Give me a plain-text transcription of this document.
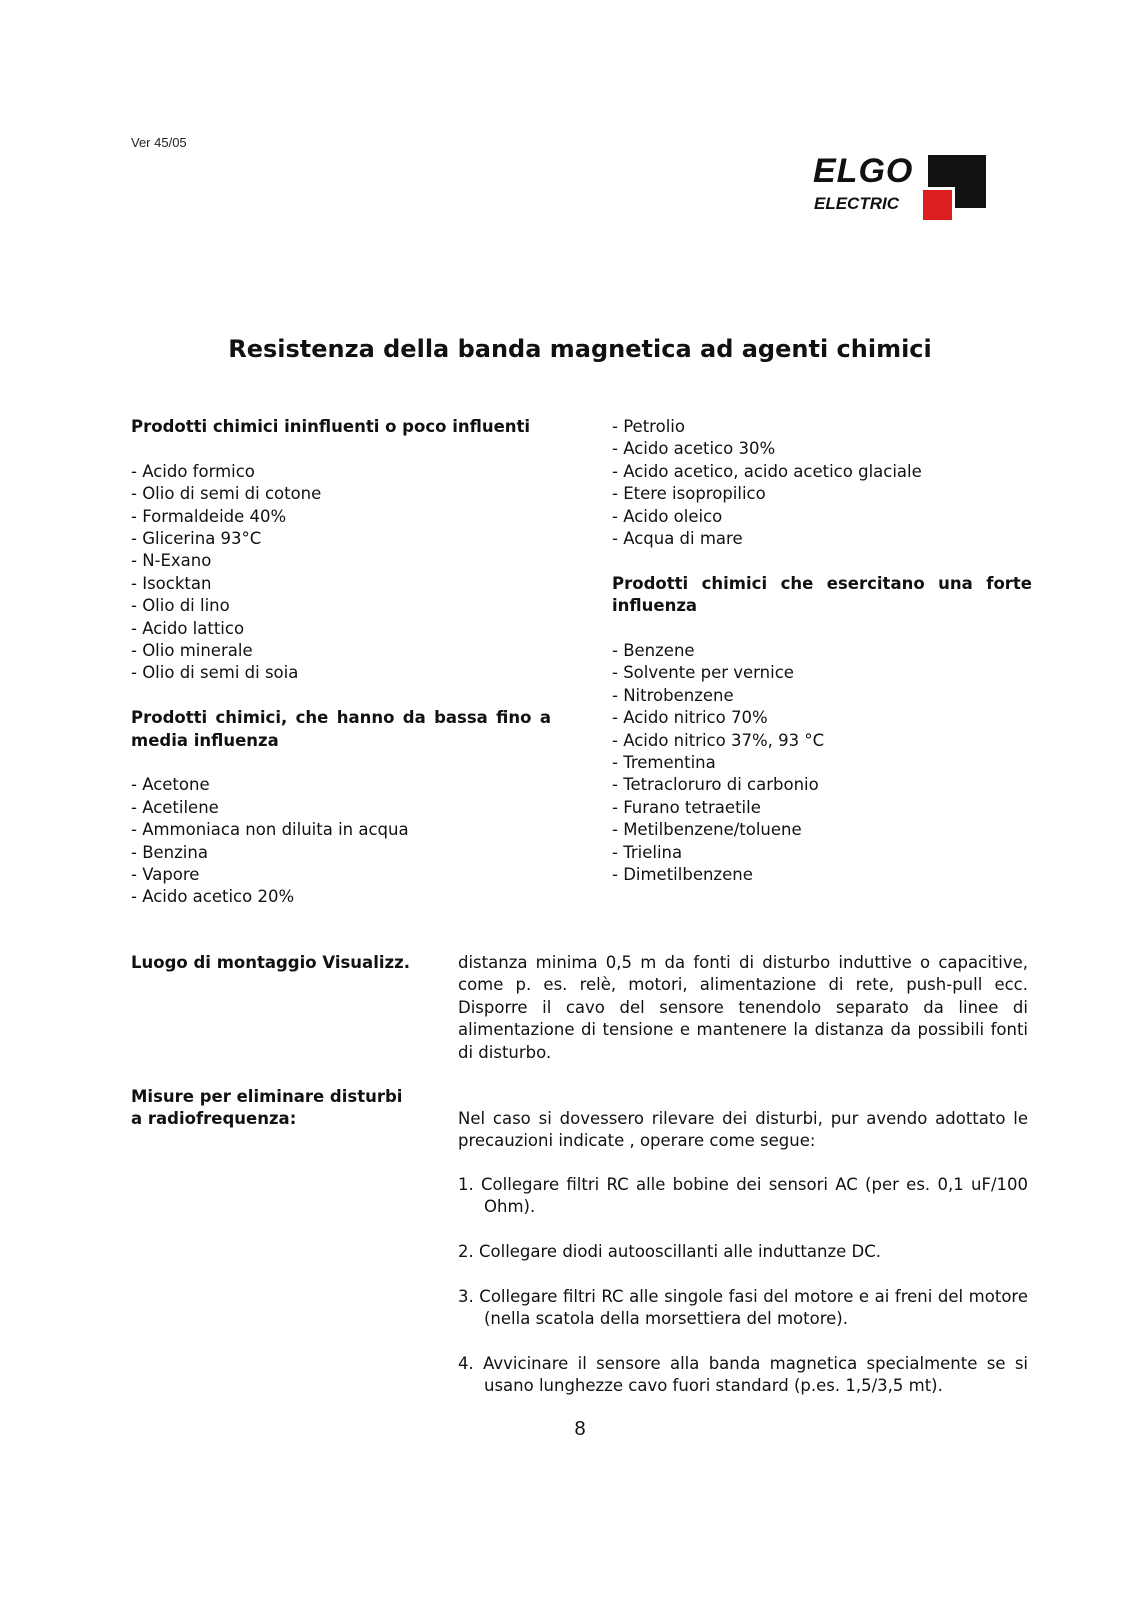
Ver 45/05
ELGO
ELECTRIC
Resistenza della banda magnetica ad agenti chimici
Prodotti chimici ininfluenti o poco influenti
- Acido formico
- Olio di semi di cotone
- Formaldeide 40%
- Glicerina 93°C
- N-Exano
- Isocktan
- Olio di lino
- Acido lattico
- Olio minerale
- Olio di semi di soia
Prodotti chimici, che hanno da bassa fino a media influenza
- Acetone
- Acetilene
- Ammoniaca non diluita in acqua
- Benzina
- Vapore
- Acido acetico 20%
- Petrolio
- Acido acetico 30%
- Acido acetico, acido acetico glaciale
- Etere isopropilico
- Acido oleico
- Acqua di mare
Prodotti chimici che esercitano una forte influenza
- Benzene
- Solvente per vernice
- Nitrobenzene
- Acido nitrico 70%
- Acido nitrico 37%, 93 °C
- Trementina
- Tetracloruro di carbonio
- Furano tetraetile
- Metilbenzene/toluene
- Trielina
- Dimetilbenzene
Luogo di montaggio Visualizz.	distanza minima 0,5 m da fonti di disturbo induttive o capacitive, come p. es. relè, motori, alimentazione di rete, push-pull ecc. Disporre il cavo del sensore tenendolo separato da linee di alimentazione di tensione e mantenere la distanza da possibili fonti di disturbo.
Misure per eliminare disturbi
a radiofrequenza:	Nel caso si dovessero rilevare dei disturbi, pur avendo adottato le precauzioni indicate , operare come segue:
1. Collegare filtri RC alle bobine dei sensori AC (per es. 0,1 uF/100 Ohm).
2. Collegare diodi autooscillanti alle induttanze DC.
3. Collegare filtri RC alle singole fasi del motore e ai freni del motore (nella scatola della morsettiera del motore).
4. Avvicinare il sensore alla banda magnetica specialmente se si usano lunghezze cavo fuori standard (p.es. 1,5/3,5 mt).
8
